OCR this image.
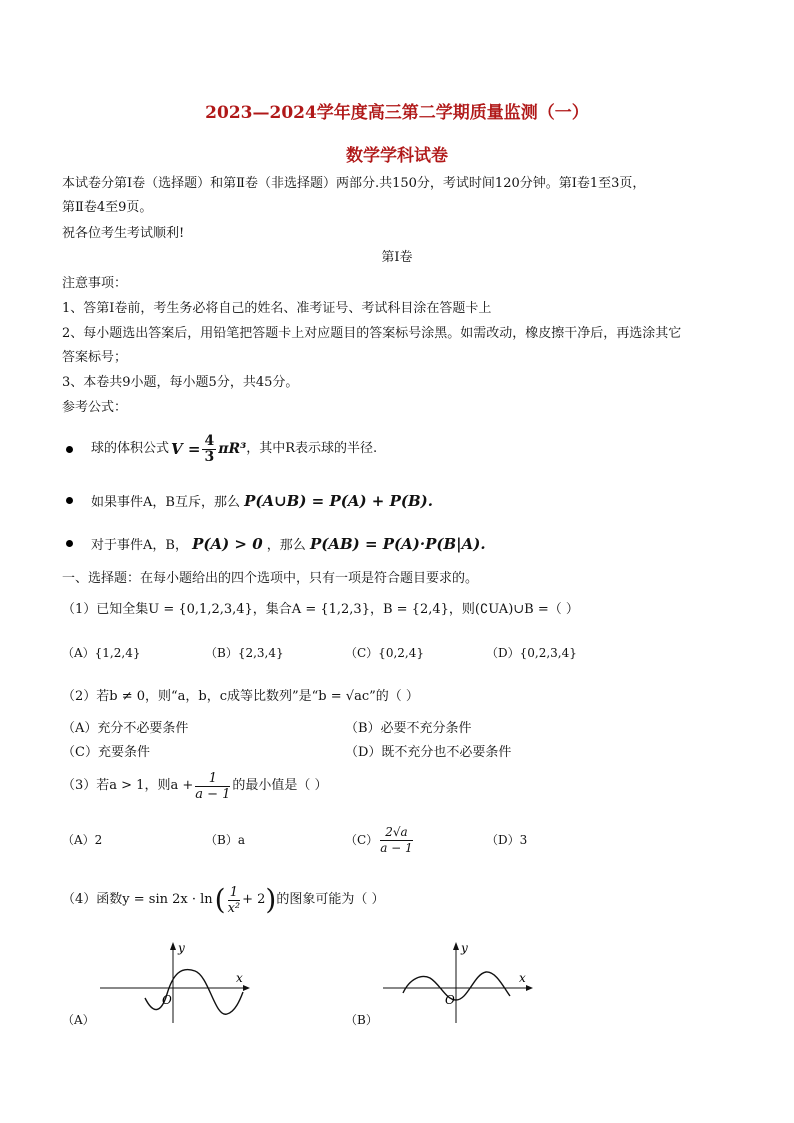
2023—2024学年度高三第二学期质量监测（一）
数学学科试卷
本试卷分第Ⅰ卷（选择题）和第Ⅱ卷（非选择题）两部分.共150分，考试时间120分钟。第Ⅰ卷1至3页，
第Ⅱ卷4至9页。
祝各位考生考试顺利!
第Ⅰ卷
注意事项：
1、答第Ⅰ卷前，考生务必将自己的姓名、准考证号、考试科目涂在答题卡上
2、每小题选出答案后，用铅笔把答题卡上对应题目的答案标号涂黑。如需改动，橡皮擦干净后，再选涂其它
答案标号；
3、本卷共9小题，每小题5分，共45分。
参考公式：
球的体积公式 $V = \frac{4}{3} \pi R^3$ ，其中R表示球的半径.
如果事件A，B互斥，那么 P(A∪B) = P(A) + P(B).
对于事件A，B， P(A) > 0 ，那么 P(AB) = P(A)·P(B|A).
一、选择题：在每小题给出的四个选项中，只有一项是符合题目要求的。
（1）已知全集U = {0,1,2,3,4}，集合A = {1,2,3}，B = {2,4}，则(∁UA)∪B =（ ）
（A）{1,2,4}	（B）{2,3,4}	（C）{0,2,4}	（D）{0,2,3,4}
（2）若b ≠ 0，则“a，b，c成等比数列”是“b = √ac”的（ ）
（A）充分不必要条件	（B）必要不充分条件
（C）充要条件	（D）既不充分也不必要条件
（3）若a > 1，则$a + \frac{1}{a - 1}$ 的最小值是（ ）
（A）2	（B）a	$(C) \frac{2√a}{a - 1}$	（D）3
（4）函数y = sin 2x · ln ( $\frac{1}{\text{x²}} + 2$ ) 的图象可能为（ ）
x
y
O
（A）
x
y
O
（B）
